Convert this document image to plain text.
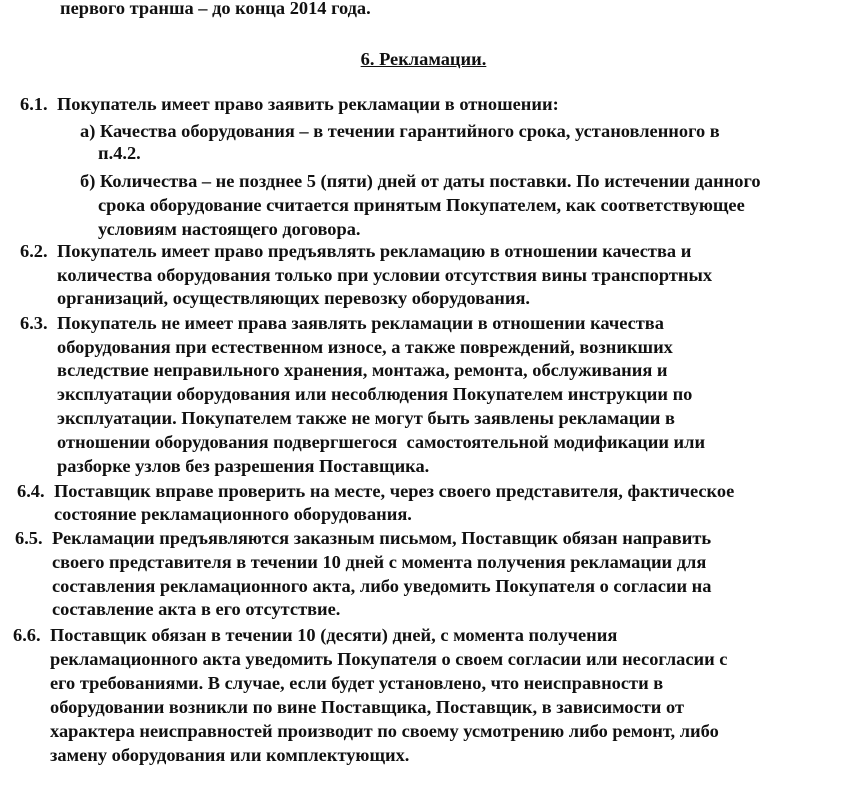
первого транша – до конца 2014 года.
6. Рекламации.
6.1. Покупатель имеет право заявить рекламации в отношении:
а) Качества оборудования – в течении гарантийного срока, установленного в
п.4.2.
б) Количества – не позднее 5 (пяти) дней от даты поставки. По истечении данного
срока оборудование считается принятым Покупателем, как соответствующее
условиям настоящего договора.
6.2. Покупатель имеет право предъявлять рекламацию в отношении качества и
количества оборудования только при условии отсутствия вины транспортных
организаций, осуществляющих перевозку оборудования.
6.3. Покупатель не имеет права заявлять рекламации в отношении качества
оборудования при естественном износе, а также повреждений, возникших
вследствие неправильного хранения, монтажа, ремонта, обслуживания и
эксплуатации оборудования или несоблюдения Покупателем инструкции по
эксплуатации. Покупателем также не могут быть заявлены рекламации в
отношении оборудования подвергшегося  самостоятельной модификации или
разборке узлов без разрешения Поставщика.
6.4. Поставщик вправе проверить на месте, через своего представителя, фактическое
состояние рекламационного оборудования.
6.5. Рекламации предъявляются заказным письмом, Поставщик обязан направить
своего представителя в течении 10 дней с момента получения рекламации для
составления рекламационного акта, либо уведомить Покупателя о согласии на
составление акта в его отсутствие.
6.6. Поставщик обязан в течении 10 (десяти) дней, с момента получения
рекламационного акта уведомить Покупателя о своем согласии или несогласии с
его требованиями. В случае, если будет установлено, что неисправности в
оборудовании возникли по вине Поставщика, Поставщик, в зависимости от
характера неисправностей производит по своему усмотрению либо ремонт, либо
замену оборудования или комплектующих.
